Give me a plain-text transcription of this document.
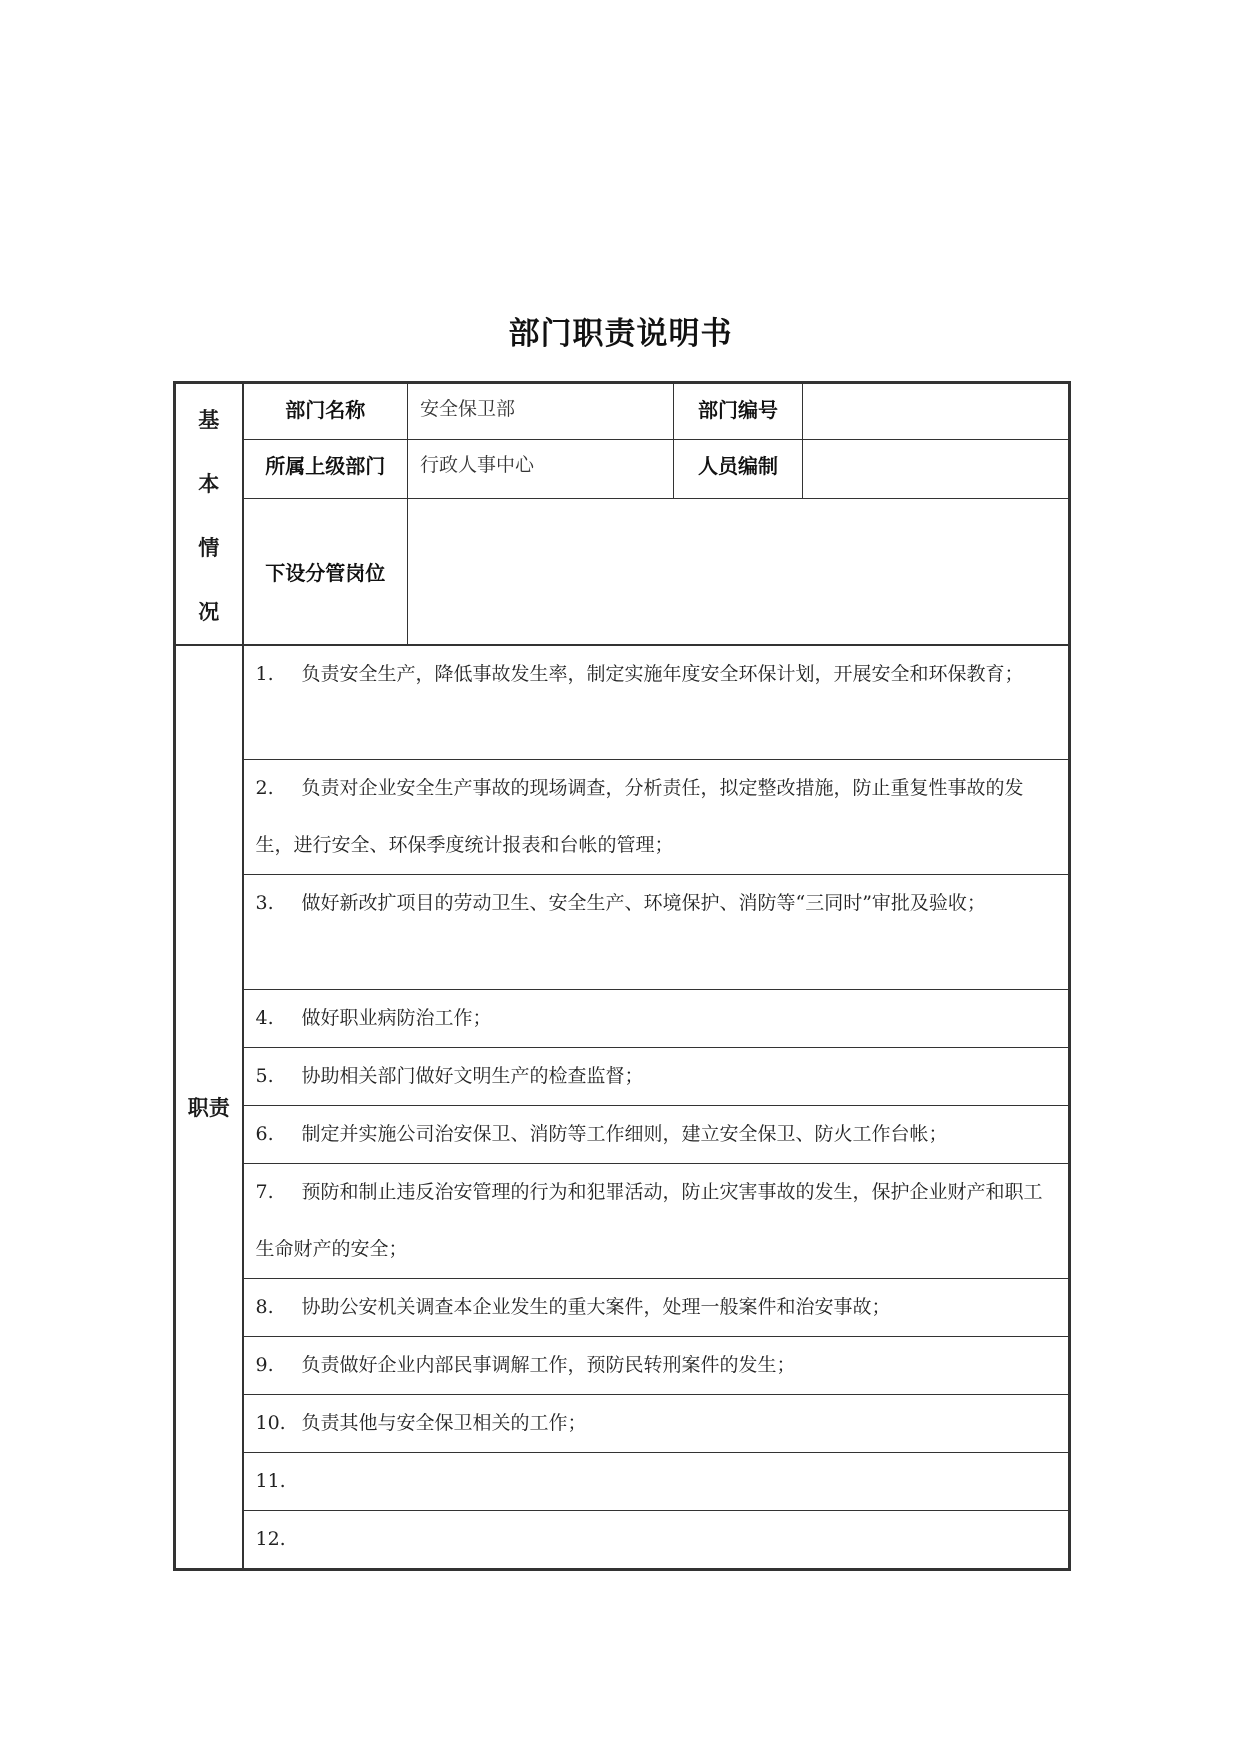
部门职责说明书
基本情况	部门名称	安全保卫部	部门编号	
	所属上级部门	行政人事中心	人员编制	
	下设分管岗位			
职责	1. 负责安全生产，降低事故发生率，制定实施年度安全环保计划，开展安全和环保教育；			
	2. 负责对企业安全生产事故的现场调查，分析责任，拟定整改措施，防止重复性事故的发生，进行安全、环保季度统计报表和台帐的管理；			
	3. 做好新改扩项目的劳动卫生、安全生产、环境保护、消防等“三同时”审批及验收；			
	4. 做好职业病防治工作；			
	5. 协助相关部门做好文明生产的检查监督；			
	6. 制定并实施公司治安保卫、消防等工作细则，建立安全保卫、防火工作台帐；			
	7. 预防和制止违反治安管理的行为和犯罪活动，防止灾害事故的发生，保护企业财产和职工生命财产的安全；			
	8. 协助公安机关调查本企业发生的重大案件，处理一般案件和治安事故；			
	9. 负责做好企业内部民事调解工作，预防民转刑案件的发生；			
	10. 负责其他与安全保卫相关的工作；			
	11.			
	12.			
